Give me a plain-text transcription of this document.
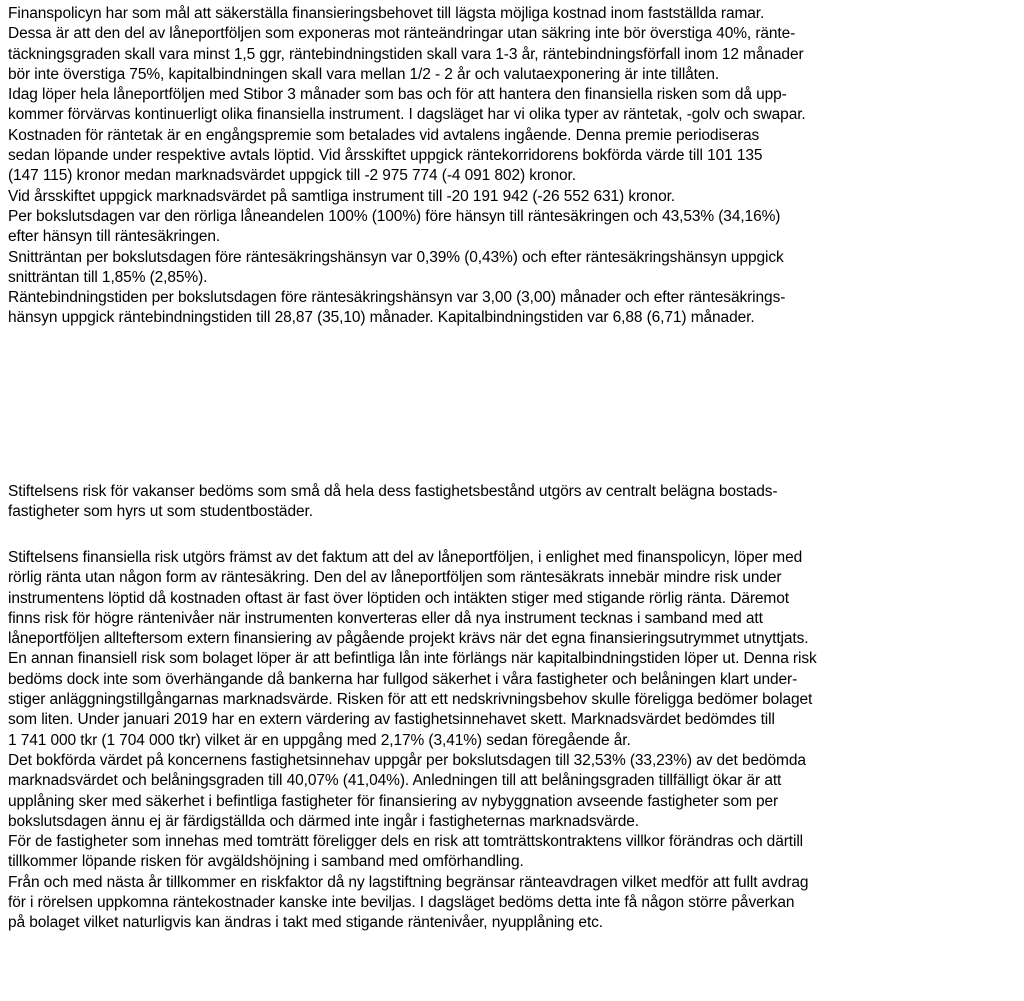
Finanspolicyn har som mål att säkerställa finansieringsbehovet till lägsta möjliga kostnad inom fastställda ramar.
Dessa är att den del av låneportföljen som exponeras mot ränteändringar utan säkring inte bör överstiga 40%, ränte-
täckningsgraden skall vara minst 1,5 ggr, räntebindningstiden skall vara 1-3 år, räntebindningsförfall inom 12 månader
bör inte överstiga 75%, kapitalbindningen skall vara mellan 1/2 - 2 år och valutaexponering är inte tillåten.
Idag löper hela låneportföljen med Stibor 3 månader som bas och för att hantera den finansiella risken som då upp-
kommer förvärvas kontinuerligt olika finansiella instrument. I dagsläget har vi olika typer av räntetak, -golv och swapar.
Kostnaden för räntetak är en engångspremie som betalades vid avtalens ingående. Denna premie periodiseras
sedan löpande under respektive avtals löptid. Vid årsskiftet uppgick räntekorridorens bokförda värde till 101 135
(147 115) kronor medan marknadsvärdet uppgick till -2 975 774 (-4 091 802) kronor.
Vid årsskiftet uppgick marknadsvärdet på samtliga instrument till -20 191 942 (-26 552 631) kronor.
Per bokslutsdagen var den rörliga låneandelen 100% (100%) före hänsyn till räntesäkringen och 43,53% (34,16%)
efter hänsyn till räntesäkringen.
Snitträntan per bokslutsdagen före räntesäkringshänsyn var 0,39% (0,43%) och efter räntesäkringshänsyn uppgick
snitträntan till 1,85% (2,85%).
Räntebindningstiden per bokslutsdagen före räntesäkringshänsyn var 3,00 (3,00) månader och efter räntesäkrings-
hänsyn uppgick räntebindningstiden till 28,87 (35,10) månader. Kapitalbindningstiden var 6,88 (6,71) månader.
Stiftelsens risk för vakanser bedöms som små då hela dess fastighetsbestånd utgörs av centralt belägna bostads-
fastigheter som hyrs ut som studentbostäder.
Stiftelsens finansiella risk utgörs främst av det faktum att del av låneportföljen, i enlighet med finanspolicyn, löper med
rörlig ränta utan någon form av räntesäkring. Den del av låneportföljen som räntesäkrats innebär mindre risk under
instrumentens löptid då kostnaden oftast är fast över löptiden och intäkten stiger med stigande rörlig ränta. Däremot
finns risk för högre räntenivåer när instrumenten konverteras eller då nya instrument tecknas i samband med att
låneportföljen allteftersom extern finansiering av pågående projekt krävs när det egna finansieringsutrymmet utnyttjats.
En annan finansiell risk som bolaget löper är att befintliga lån inte förlängs när kapitalbindningstiden löper ut. Denna risk
bedöms dock inte som överhängande då bankerna har fullgod säkerhet i våra fastigheter och belåningen klart under-
stiger anläggningstillgångarnas marknadsvärde. Risken för att ett nedskrivningsbehov skulle föreligga bedömer bolaget
som liten. Under januari 2019 har en extern värdering av fastighetsinnehavet skett. Marknadsvärdet bedömdes till
1 741 000 tkr (1 704 000 tkr) vilket är en uppgång med 2,17% (3,41%) sedan föregående år.
Det bokförda värdet på koncernens fastighetsinnehav uppgår per bokslutsdagen till 32,53% (33,23%) av det bedömda
marknadsvärdet och belåningsgraden till 40,07% (41,04%). Anledningen till att belåningsgraden tillfälligt ökar är att
upplåning sker med säkerhet i befintliga fastigheter för finansiering av nybyggnation avseende fastigheter som per
bokslutsdagen ännu ej är färdigställda och därmed inte ingår i fastigheternas marknadsvärde.
För de fastigheter som innehas med tomträtt föreligger dels en risk att tomträttskontraktens villkor förändras och därtill
tillkommer löpande risken för avgäldshöjning i samband med omförhandling.
Från och med nästa år tillkommer en riskfaktor då ny lagstiftning begränsar ränteavdragen vilket medför att fullt avdrag
för i rörelsen uppkomna räntekostnader kanske inte beviljas. I dagsläget bedöms detta inte få någon större påverkan
på bolaget vilket naturligvis kan ändras i takt med stigande räntenivåer, nyupplåning etc.
